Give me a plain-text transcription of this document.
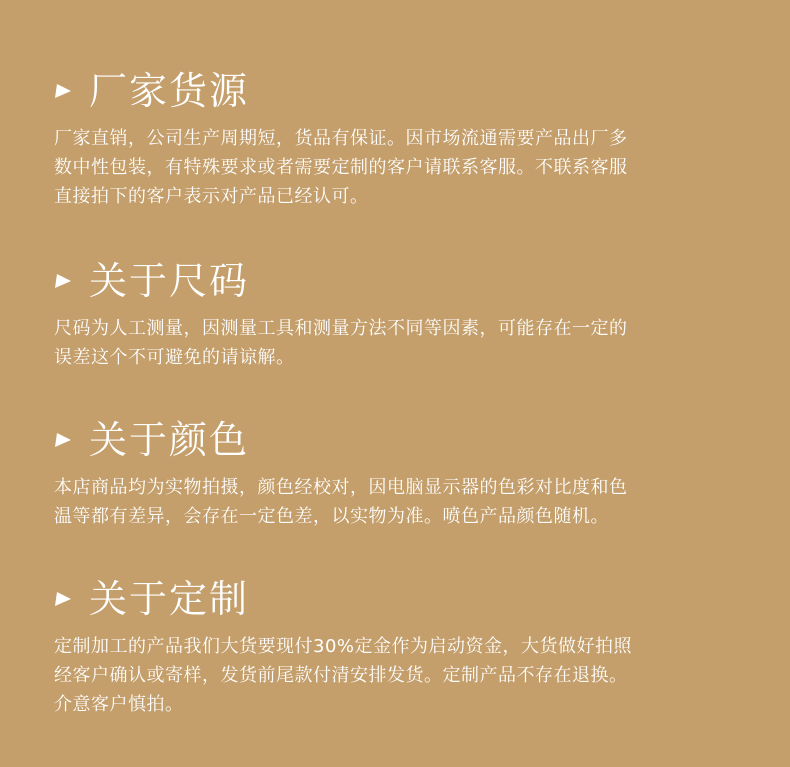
厂家货源
厂家直销，公司生产周期短，货品有保证。因市场流通需要产品出厂多
数中性包装，有特殊要求或者需要定制的客户请联系客服。不联系客服
直接拍下的客户表示对产品已经认可。
关于尺码
尺码为人工测量，因测量工具和测量方法不同等因素，可能存在一定的
误差这个不可避免的请谅解。
关于颜色
本店商品均为实物拍摄，颜色经校对，因电脑显示器的色彩对比度和色
温等都有差异，会存在一定色差，以实物为准。喷色产品颜色随机。
关于定制
定制加工的产品我们大货要现付30%定金作为启动资金，大货做好拍照
经客户确认或寄样，发货前尾款付清安排发货。定制产品不存在退换。
介意客户慎拍。
